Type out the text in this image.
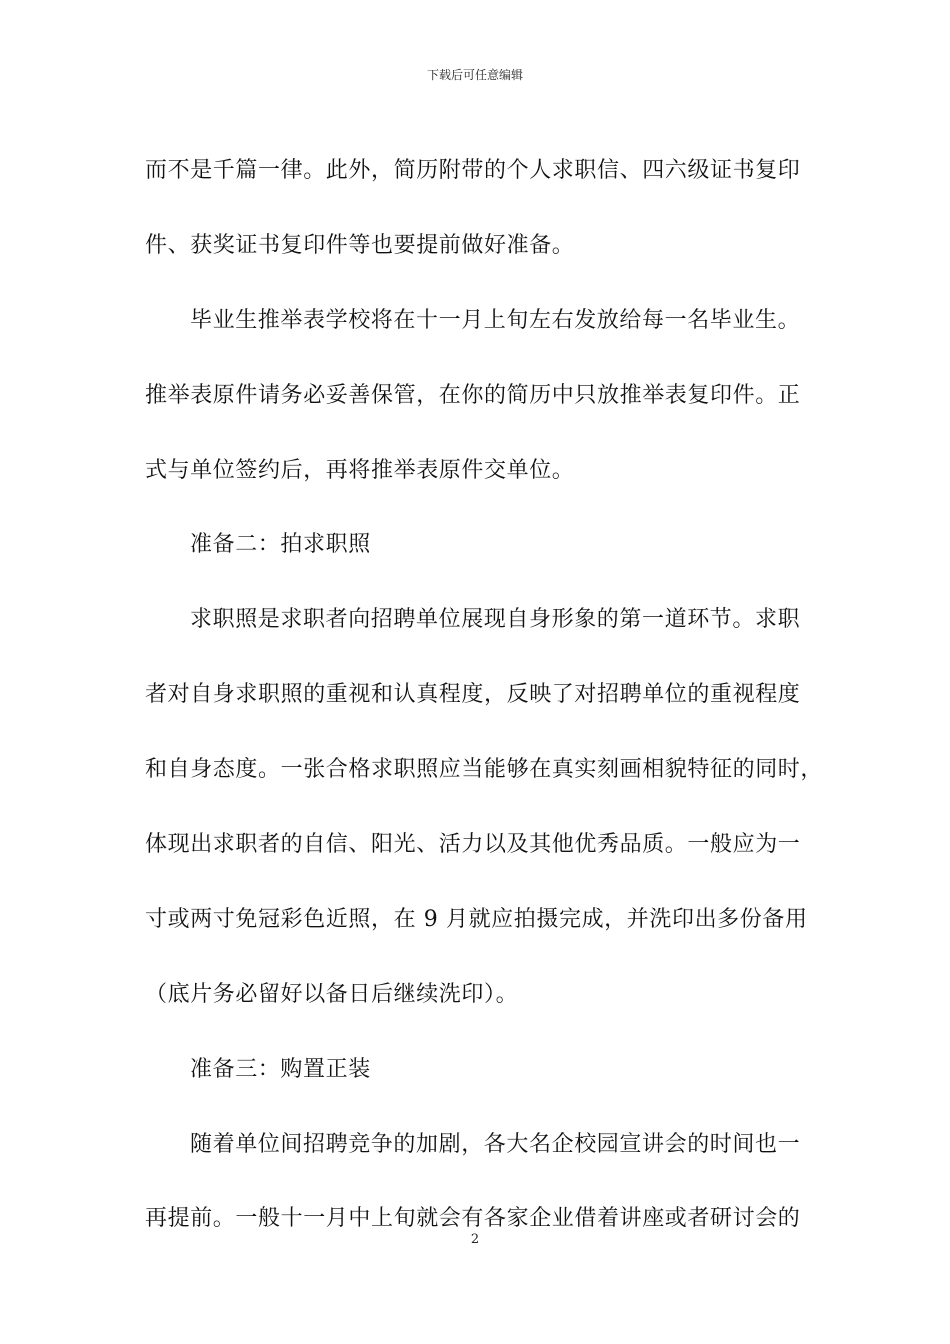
下载后可任意编辑
而不是千篇一律。此外，简历附带的个人求职信、四六级证书复印
件、获奖证书复印件等也要提前做好准备。
毕业生推举表学校将在十一月上旬左右发放给每一名毕业生。
推举表原件请务必妥善保管，在你的简历中只放推举表复印件。正
式与单位签约后，再将推举表原件交单位。
准备二：拍求职照
求职照是求职者向招聘单位展现自身形象的第一道环节。求职
者对自身求职照的重视和认真程度，反映了对招聘单位的重视程度
和自身态度。一张合格求职照应当能够在真实刻画相貌特征的同时，
体现出求职者的自信、阳光、活力以及其他优秀品质。一般应为一
寸或两寸免冠彩色近照，在 9 月就应拍摄完成，并洗印出多份备用
（底片务必留好以备日后继续洗印）。
准备三：购置正装
随着单位间招聘竞争的加剧，各大名企校园宣讲会的时间也一
再提前。一般十一月中上旬就会有各家企业借着讲座或者研讨会的
2
